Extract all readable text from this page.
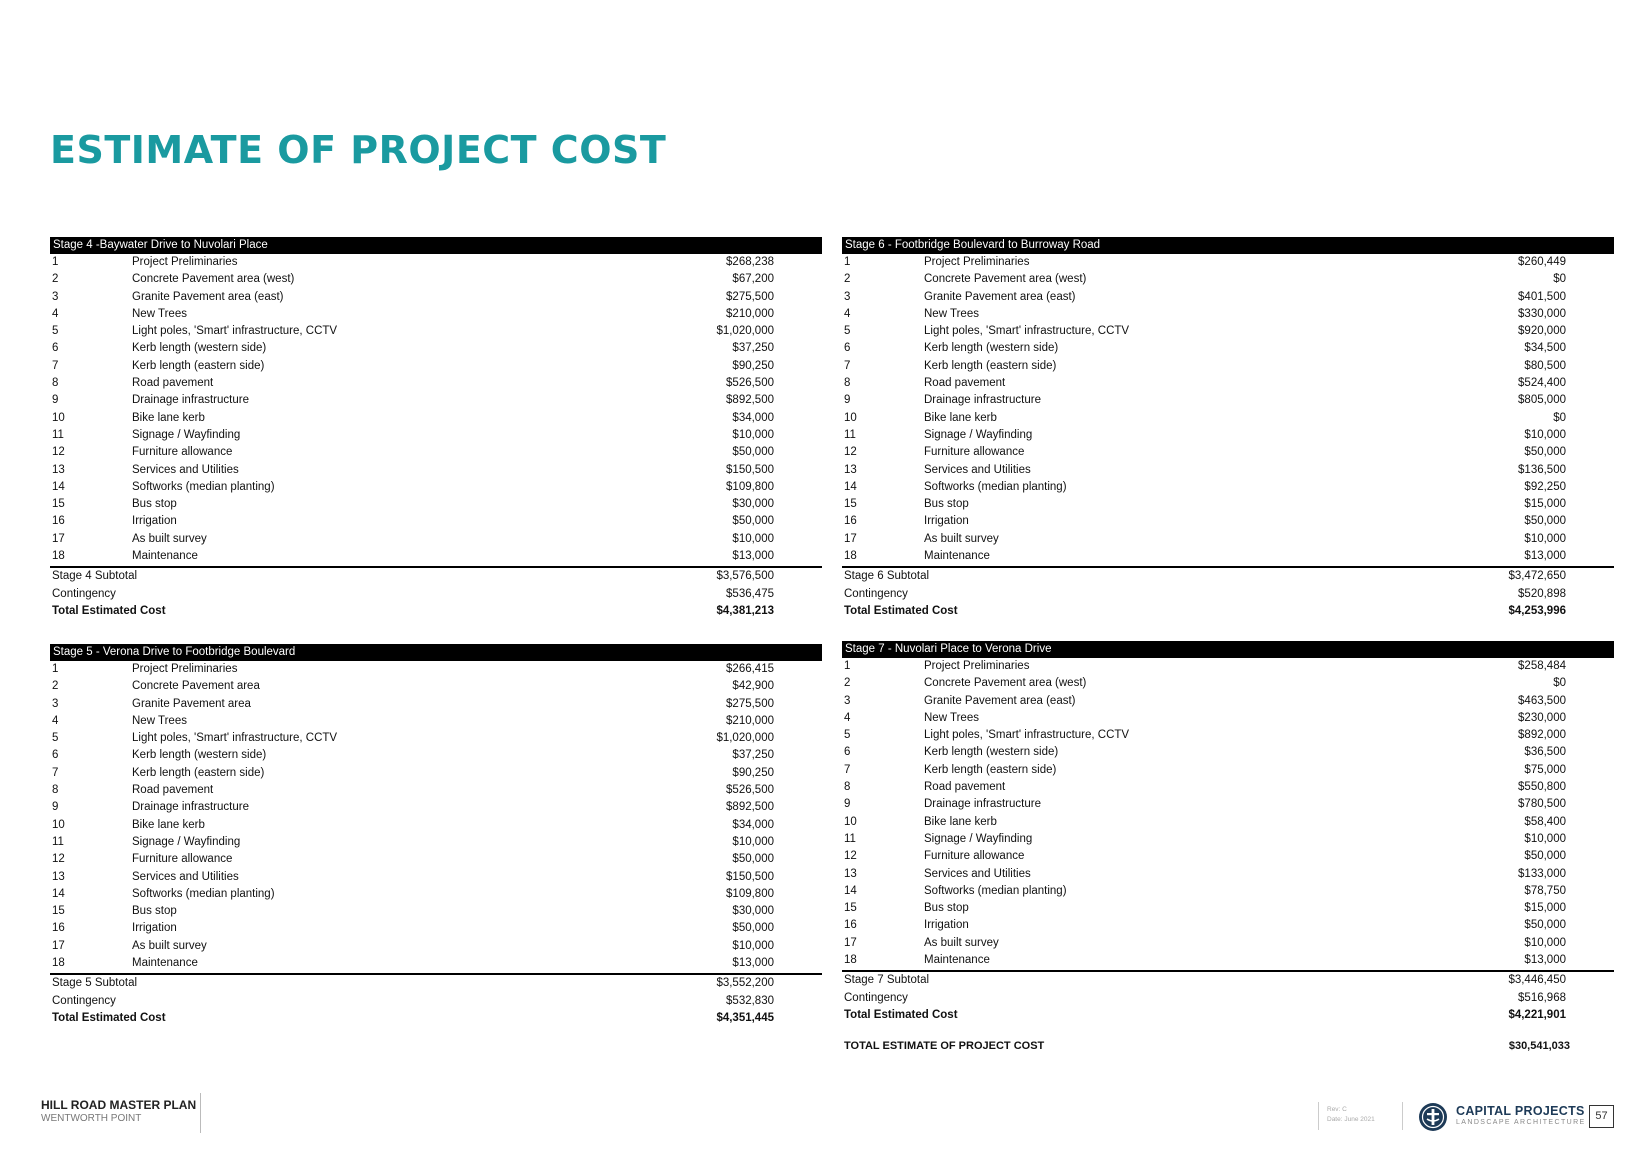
ESTIMATE OF PROJECT COST
Stage 4 -Baywater Drive to Nuvolari Place
1	Project Preliminaries	$268,238
2	Concrete Pavement area (west)	$67,200
3	Granite Pavement area (east)	$275,500
4	New Trees	$210,000
5	Light poles, 'Smart' infrastructure, CCTV	$1,020,000
6	Kerb length (western side)	$37,250
7	Kerb length (eastern side)	$90,250
8	Road pavement	$526,500
9	Drainage infrastructure	$892,500
10	Bike lane kerb	$34,000
11	Signage / Wayfinding	$10,000
12	Furniture allowance	$50,000
13	Services and Utilities	$150,500
14	Softworks (median planting)	$109,800
15	Bus stop	$30,000
16	Irrigation	$50,000
17	As built survey	$10,000
18	Maintenance	$13,000
Stage 4 Subtotal	$3,576,500
Contingency	$536,475
Total Estimated Cost	$4,381,213
Stage 6 - Footbridge Boulevard to Burroway Road
1	Project Preliminaries	$260,449
2	Concrete Pavement area (west)	$0
3	Granite Pavement area (east)	$401,500
4	New Trees	$330,000
5	Light poles, 'Smart' infrastructure, CCTV	$920,000
6	Kerb length (western side)	$34,500
7	Kerb length (eastern side)	$80,500
8	Road pavement	$524,400
9	Drainage infrastructure	$805,000
10	Bike lane kerb	$0
11	Signage / Wayfinding	$10,000
12	Furniture allowance	$50,000
13	Services and Utilities	$136,500
14	Softworks (median planting)	$92,250
15	Bus stop	$15,000
16	Irrigation	$50,000
17	As built survey	$10,000
18	Maintenance	$13,000
Stage 6 Subtotal	$3,472,650
Contingency	$520,898
Total Estimated Cost	$4,253,996
Stage 5 - Verona Drive to Footbridge Boulevard
1	Project Preliminaries	$266,415
2	Concrete Pavement area	$42,900
3	Granite Pavement area	$275,500
4	New Trees	$210,000
5	Light poles, 'Smart' infrastructure, CCTV	$1,020,000
6	Kerb length (western side)	$37,250
7	Kerb length (eastern side)	$90,250
8	Road pavement	$526,500
9	Drainage infrastructure	$892,500
10	Bike lane kerb	$34,000
11	Signage / Wayfinding	$10,000
12	Furniture allowance	$50,000
13	Services and Utilities	$150,500
14	Softworks (median planting)	$109,800
15	Bus stop	$30,000
16	Irrigation	$50,000
17	As built survey	$10,000
18	Maintenance	$13,000
Stage 5 Subtotal	$3,552,200
Contingency	$532,830
Total Estimated Cost	$4,351,445
Stage 7 - Nuvolari Place to Verona Drive
1	Project Preliminaries	$258,484
2	Concrete Pavement area (west)	$0
3	Granite Pavement area (east)	$463,500
4	New Trees	$230,000
5	Light poles, 'Smart' infrastructure, CCTV	$892,000
6	Kerb length (western side)	$36,500
7	Kerb length (eastern side)	$75,000
8	Road pavement	$550,800
9	Drainage infrastructure	$780,500
10	Bike lane kerb	$58,400
11	Signage / Wayfinding	$10,000
12	Furniture allowance	$50,000
13	Services and Utilities	$133,000
14	Softworks (median planting)	$78,750
15	Bus stop	$15,000
16	Irrigation	$50,000
17	As built survey	$10,000
18	Maintenance	$13,000
Stage 7 Subtotal	$3,446,450
Contingency	$516,968
Total Estimated Cost	$4,221,901
TOTAL ESTIMATE OF PROJECT COST	$30,541,033
HILL ROAD MASTER PLAN
WENTWORTH POINT
Rev: C
Date: June 2021
CAPITAL PROJECTS
LANDSCAPE ARCHITECTURE
57
